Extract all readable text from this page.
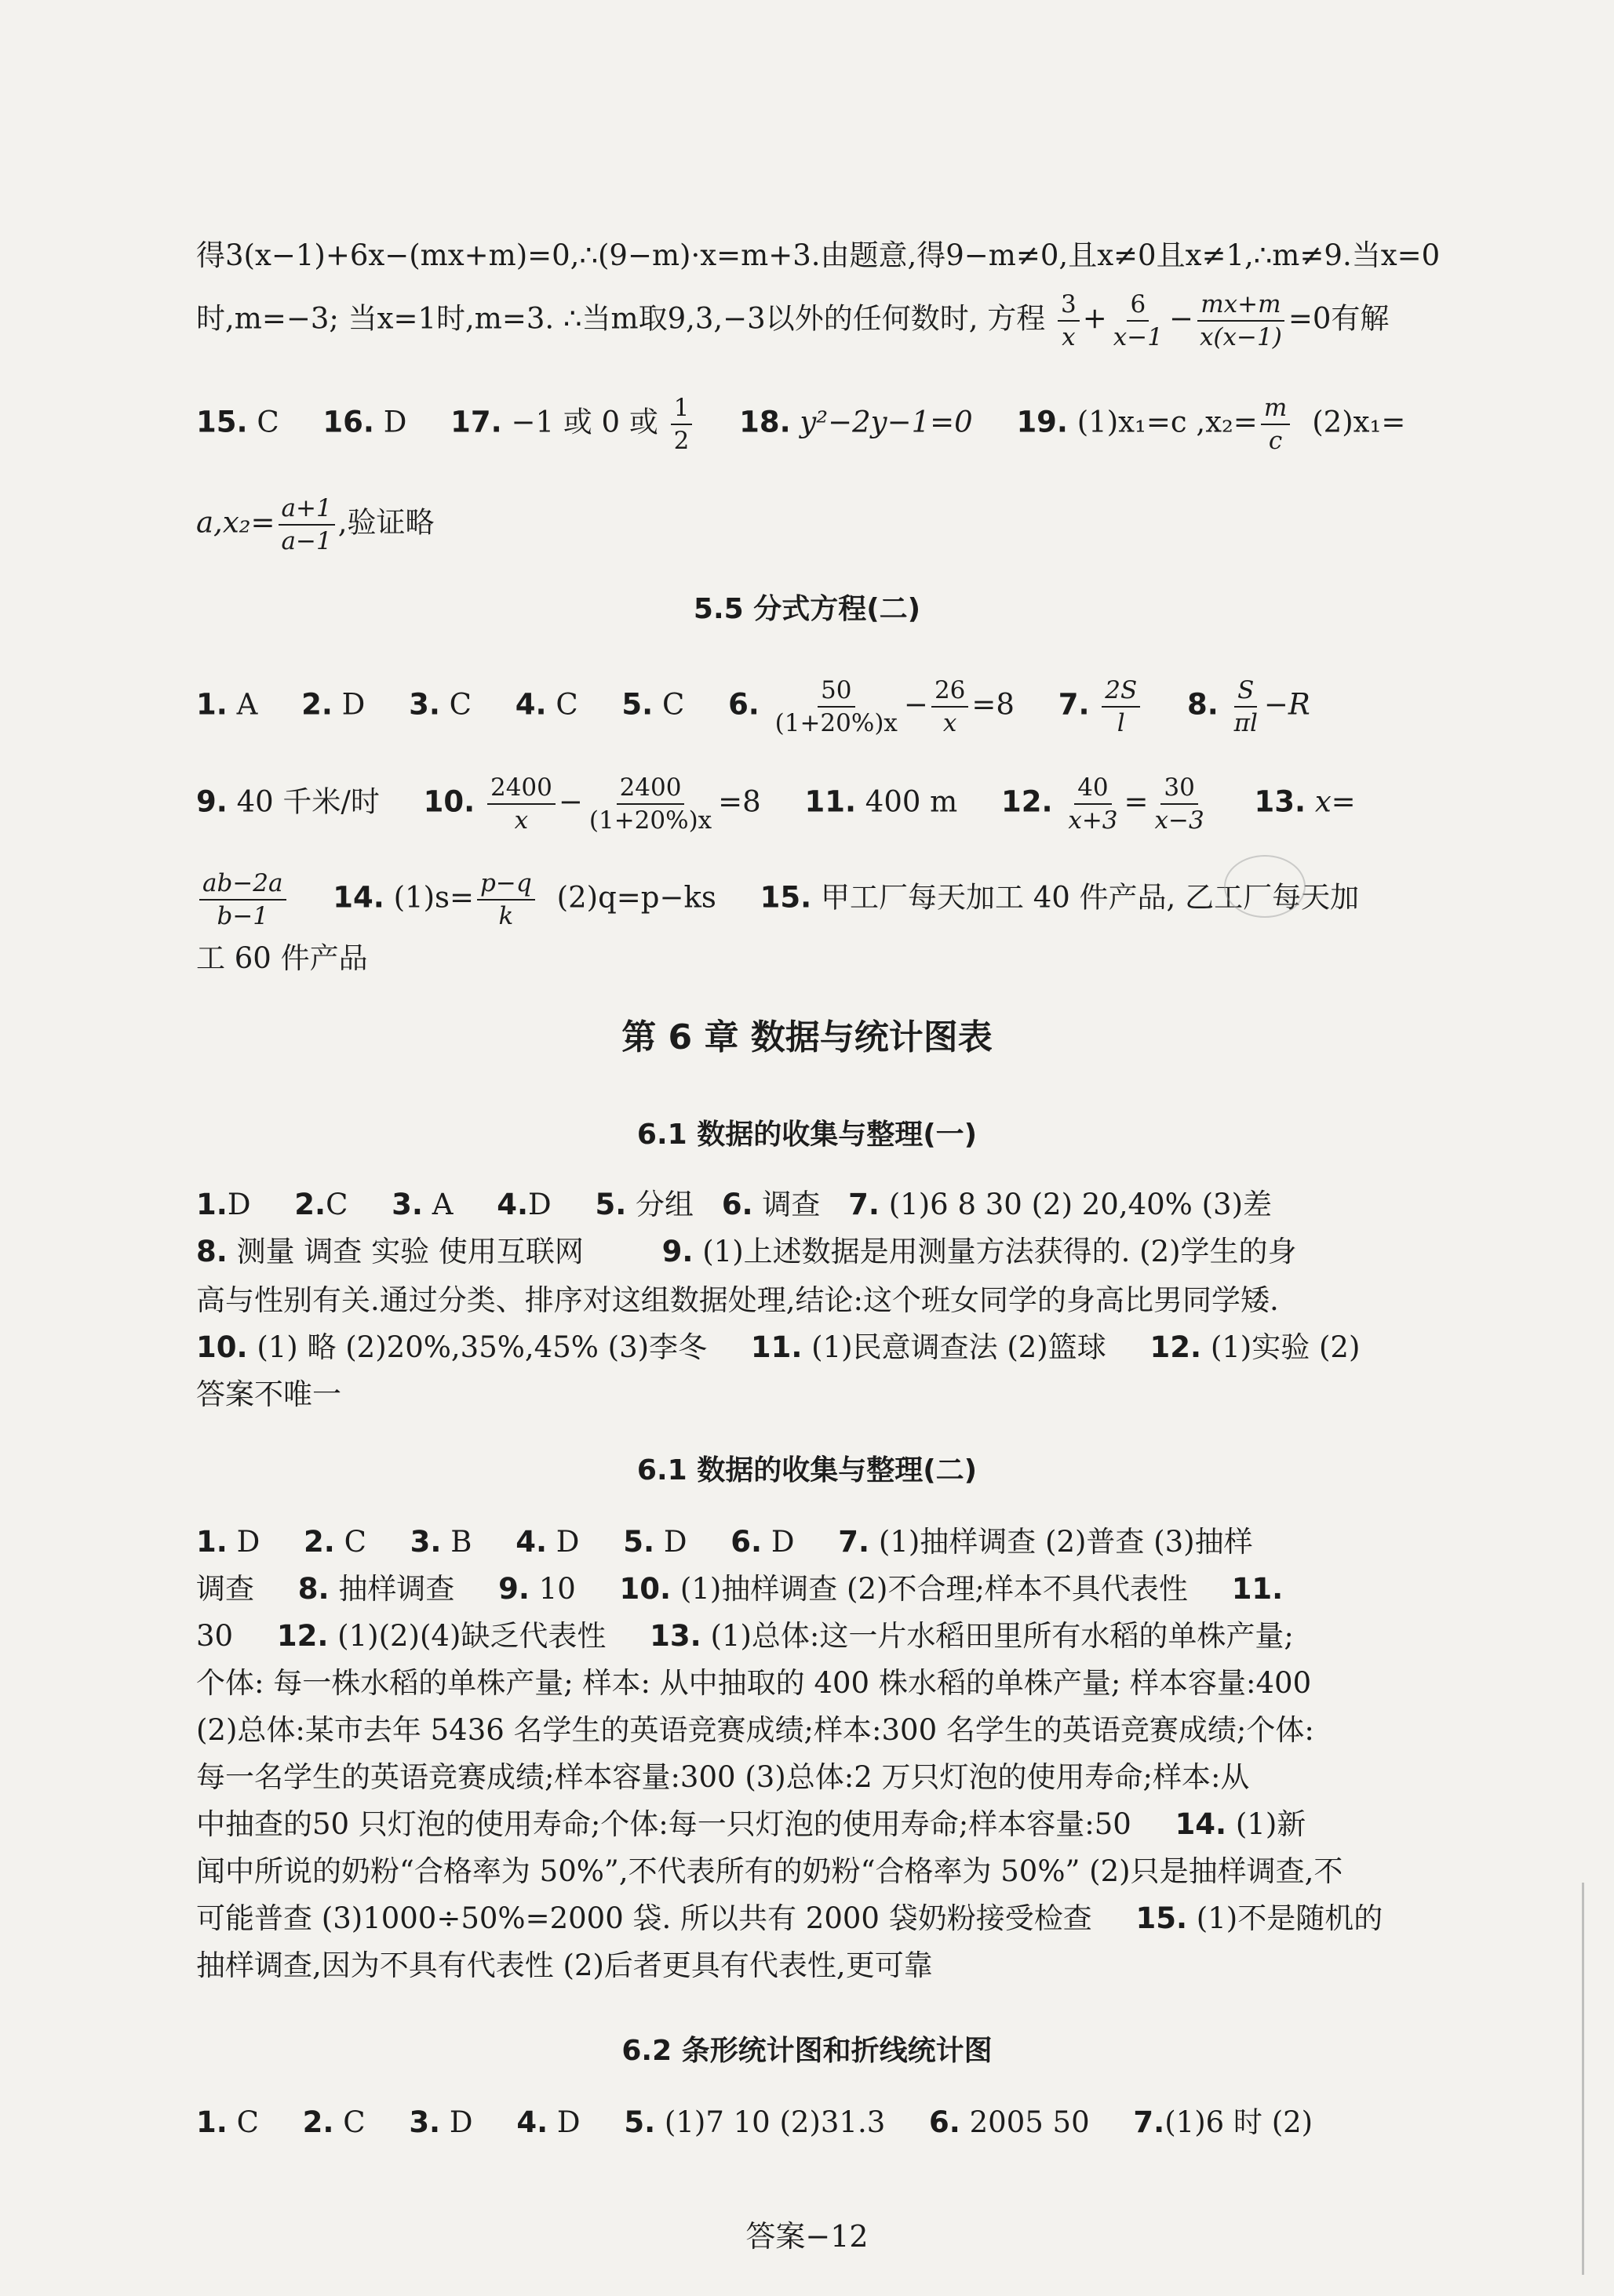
得3(x−1)+6x−(mx+m)=0,∴(9−m)·x=m+3.由题意,得9−m≠0,且x≠0且x≠1,∴m≠9.当x=0
时,m=−3; 当x=1时,m=3. ∴当m取9,3,−3以外的任何数时, 方程 $\frac{3}{x} + \frac{6}{x-1} - \frac{mx+m}{x(x-1)} =0$有解
15. C 16. D 17. −1 或 0 或 $\frac{1}{2} 18$. y²−2y−1=0 19. (1)x₁=c $,x_2= \frac{m}{c} (2)x_1=$
$a,x_2= \frac{a+1}{a-1}$ ,验证略
5.5 分式方程(二)
1. A 2. D 3. C 4. C 5. C 6. $\frac{50}{(1+20\%)x} - \frac{26}{x} =8$ 7. $\frac{2S}{l} 8$. $\frac{S}{\pi l} -R$
9. 40 千米/时 10. $\frac{2400}{x} - \frac{2400}{(1+20\%)x} =8$ 11. 400 m 12. $\frac{40}{x+3} = \frac{30}{x-3} 13$. x=
$\frac{ab-2a}{b-1} 14$. $(1)s= \frac{p-q}{k} (2)q=p-ks$ 15. 甲工厂每天加工 40 件产品, 乙工厂每天加
工 60 件产品
第 6 章 数据与统计图表
6.1 数据的收集与整理(一)
1.D 2.C 3. A 4.D 5. 分组 6. 调查 7. (1)6 8 30 (2) 20,40% (3)差
8. 测量 调查 实验 使用互联网	9. (1)上述数据是用测量方法获得的. (2)学生的身
高与性别有关.通过分类、排序对这组数据处理,结论:这个班女同学的身高比男同学矮.
10. (1) 略 (2)20%,35%,45% (3)李冬 11. (1)民意调查法 (2)篮球 12. (1)实验 (2)
答案不唯一
6.1 数据的收集与整理(二)
1. D 2. C 3. B 4. D 5. D 6. D 7. (1)抽样调查 (2)普查 (3)抽样
调查 8. 抽样调查 9. 10 10. (1)抽样调查 (2)不合理;样本不具代表性 11.
30 12. (1)(2)(4)缺乏代表性 13. (1)总体:这一片水稻田里所有水稻的单株产量;
个体: 每一株水稻的单株产量; 样本: 从中抽取的 400 株水稻的单株产量; 样本容量:400
(2)总体:某市去年 5436 名学生的英语竞赛成绩;样本:300 名学生的英语竞赛成绩;个体:
每一名学生的英语竞赛成绩;样本容量:300 (3)总体:2 万只灯泡的使用寿命;样本:从
中抽查的50 只灯泡的使用寿命;个体:每一只灯泡的使用寿命;样本容量:50 14. (1)新
闻中所说的奶粉“合格率为 50%”,不代表所有的奶粉“合格率为 50%” (2)只是抽样调查,不
可能普查 (3)1000÷50%=2000 袋. 所以共有 2000 袋奶粉接受检查 15. (1)不是随机的
抽样调查,因为不具有代表性 (2)后者更具有代表性,更可靠
6.2 条形统计图和折线统计图
1. C 2. C 3. D 4. D 5. (1)7 10 (2)31.3 6. 2005 50 7.(1)6 时 (2)
答案−12
